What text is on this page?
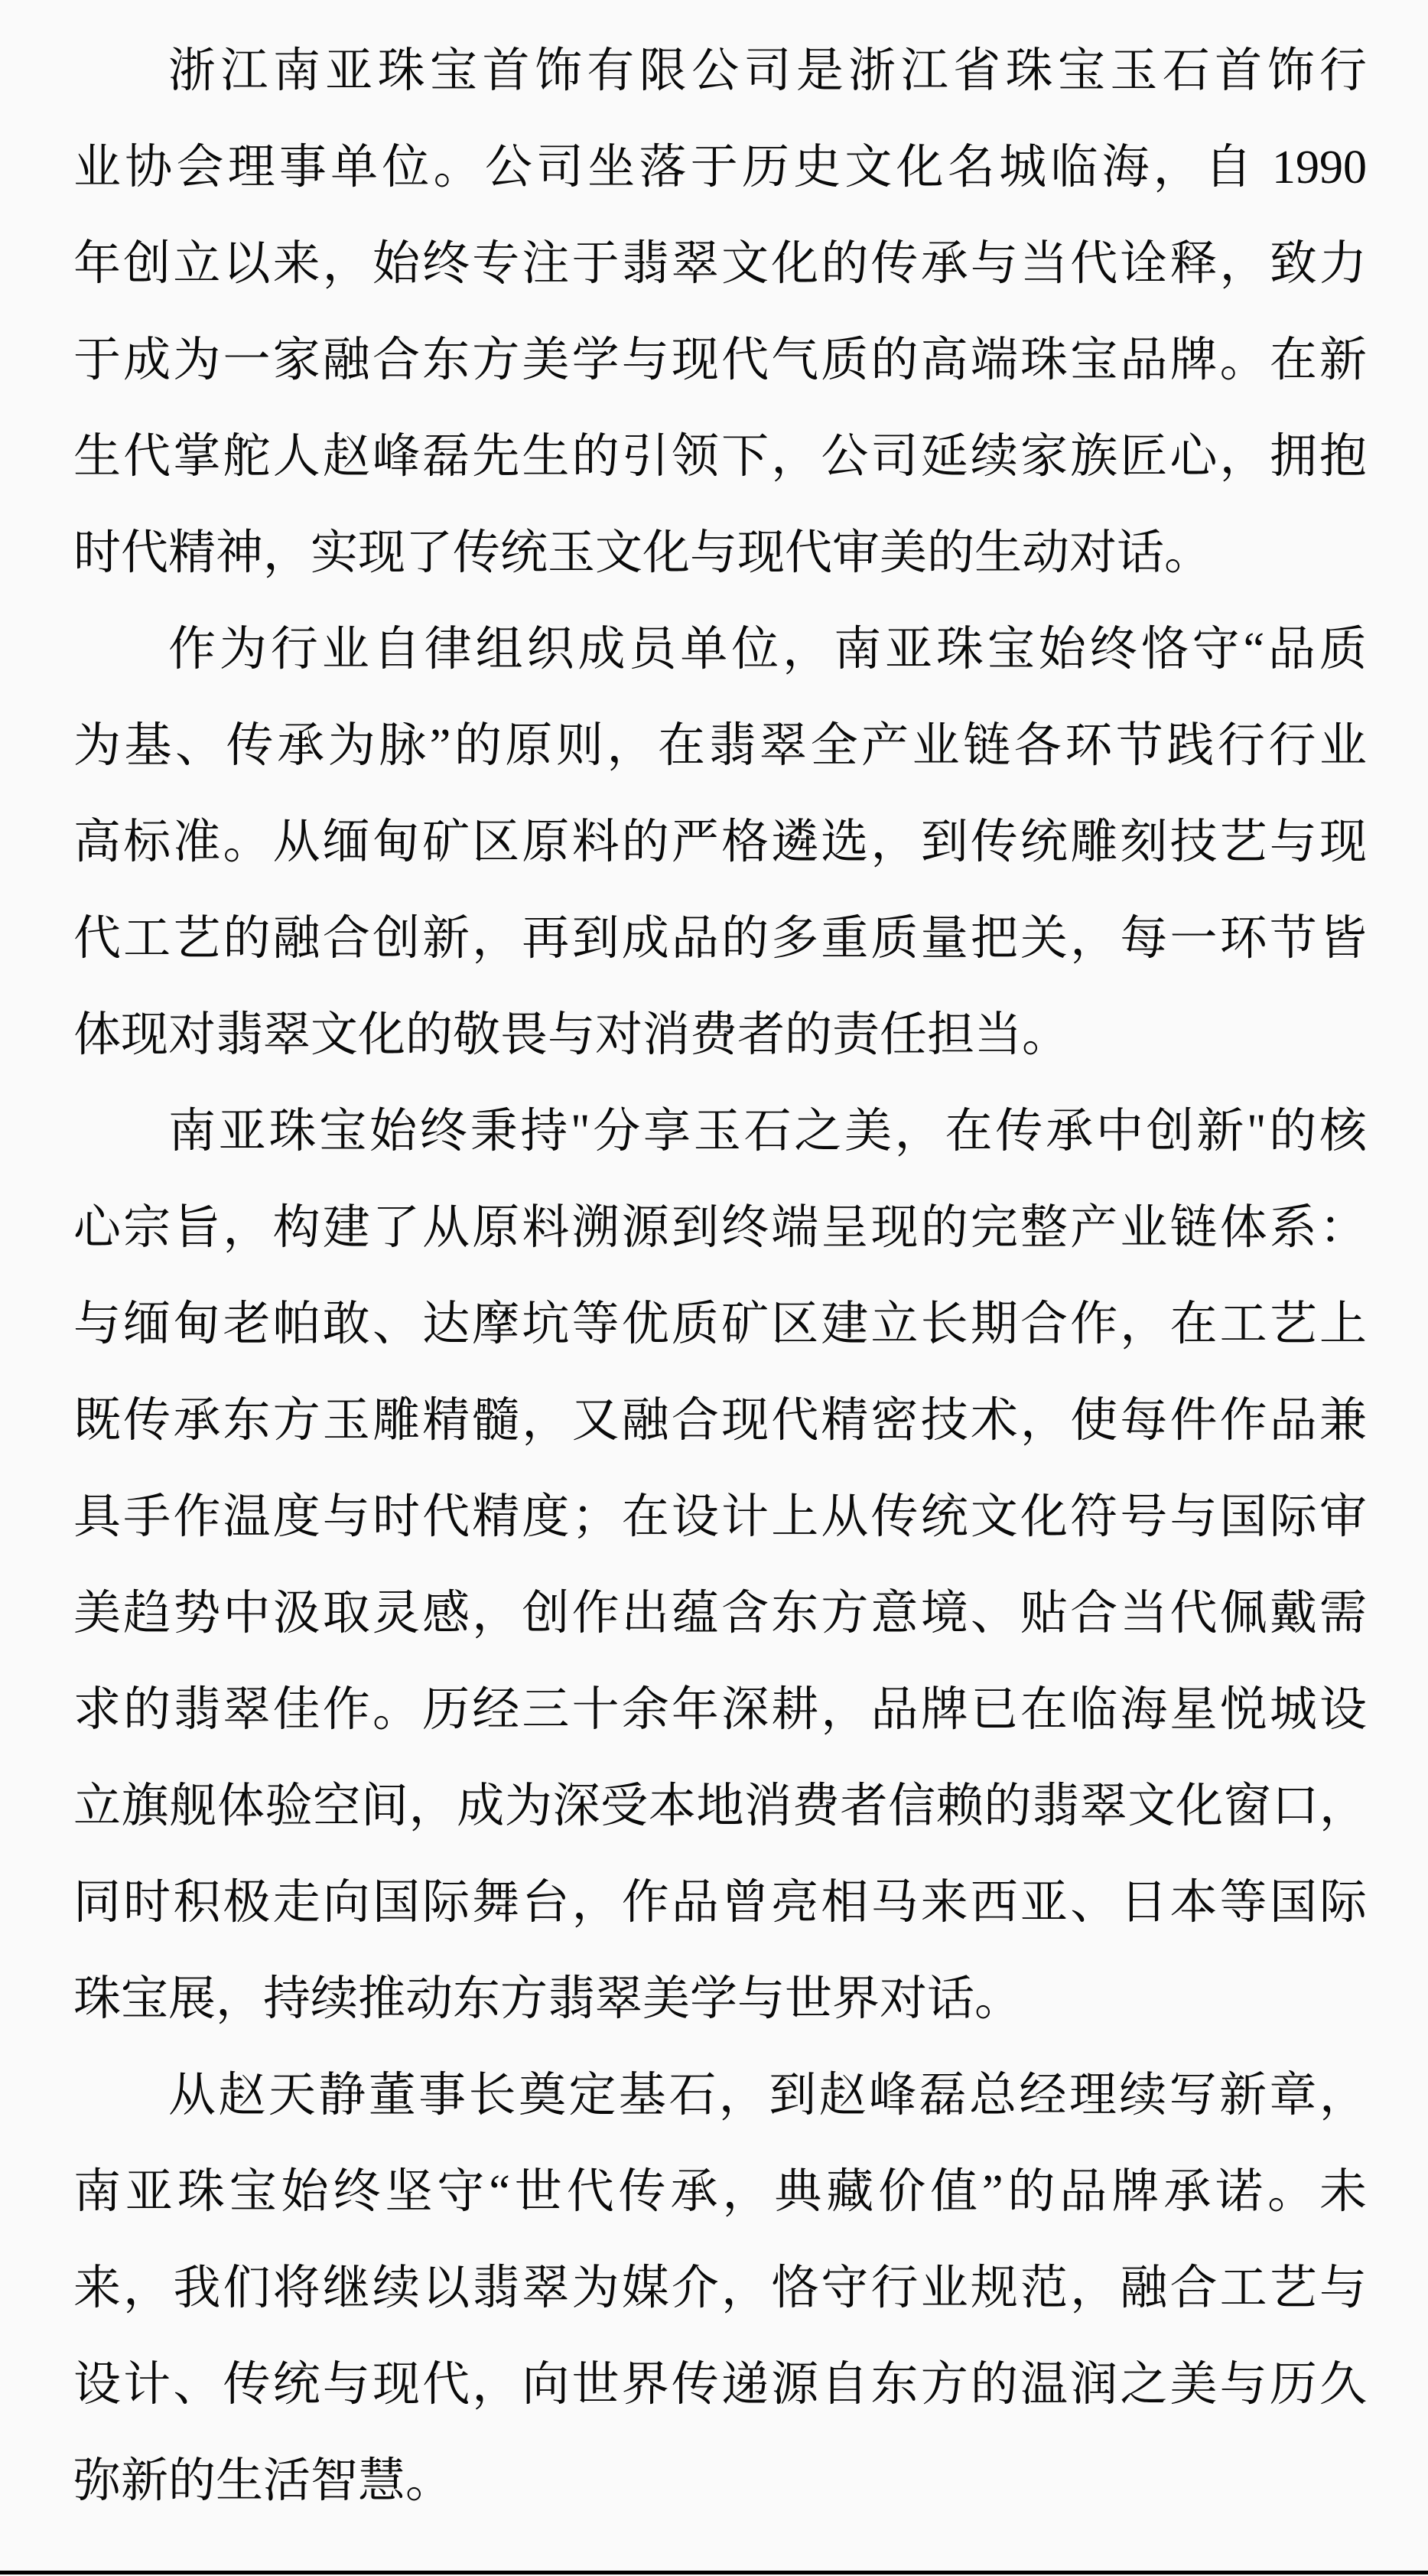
浙江南亚珠宝首饰有限公司是浙江省珠宝玉石首饰行
业协会理事单位。公司坐落于历史文化名城临海，自 1990
年创立以来，始终专注于翡翠文化的传承与当代诠释，致力
于成为一家融合东方美学与现代气质的高端珠宝品牌。在新
生代掌舵人赵峰磊先生的引领下，公司延续家族匠心，拥抱
时代精神，实现了传统玉文化与现代审美的生动对话。
作为行业自律组织成员单位，南亚珠宝始终恪守“品质
为基、传承为脉”的原则，在翡翠全产业链各环节践行行业
高标准。从缅甸矿区原料的严格遴选，到传统雕刻技艺与现
代工艺的融合创新，再到成品的多重质量把关，每一环节皆
体现对翡翠文化的敬畏与对消费者的责任担当。
南亚珠宝始终秉持"分享玉石之美，在传承中创新"的核
心宗旨，构建了从原料溯源到终端呈现的完整产业链体系：
与缅甸老帕敢、达摩坑等优质矿区建立长期合作，在工艺上
既传承东方玉雕精髓，又融合现代精密技术，使每件作品兼
具手作温度与时代精度；在设计上从传统文化符号与国际审
美趋势中汲取灵感，创作出蕴含东方意境、贴合当代佩戴需
求的翡翠佳作。历经三十余年深耕，品牌已在临海星悦城设
立旗舰体验空间，成为深受本地消费者信赖的翡翠文化窗口，
同时积极走向国际舞台，作品曾亮相马来西亚、日本等国际
珠宝展，持续推动东方翡翠美学与世界对话。
从赵天静董事长奠定基石，到赵峰磊总经理续写新章，
南亚珠宝始终坚守“世代传承，典藏价值”的品牌承诺。未
来，我们将继续以翡翠为媒介，恪守行业规范，融合工艺与
设计、传统与现代，向世界传递源自东方的温润之美与历久
弥新的生活智慧。
